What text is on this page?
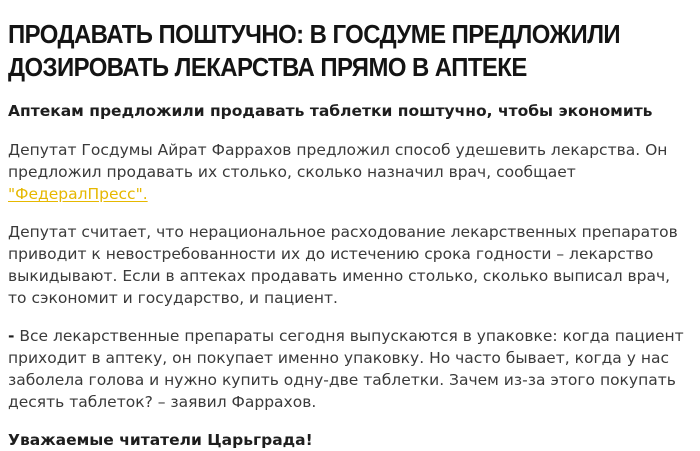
ПРОДАВАТЬ ПОШТУЧНО: В ГОСДУМЕ ПРЕДЛОЖИЛИ ДОЗИРОВАТЬ ЛЕКАРСТВА ПРЯМО В АПТЕКЕ

Аптекам предложили продавать таблетки поштучно, чтобы экономить

Депутат Госдумы Айрат Фаррахов предложил способ удешевить лекарства. Он предложил продавать их столько, сколько назначил врач, сообщает "ФедералПресс".

Депутат считает, что нерациональное расходование лекарственных препаратов приводит к невостребованности их до истечению срока годности – лекарство выкидывают. Если в аптеках продавать именно столько, сколько выписал врач, то сэкономит и государство, и пациент.

- Все лекарственные препараты сегодня выпускаются в упаковке: когда пациент приходит в аптеку, он покупает именно упаковку. Но часто бывает, когда у нас заболела голова и нужно купить одну-две таблетки. Зачем из-за этого покупать десять таблеток? – заявил Фаррахов.

Уважаемые читатели Царьграда!
